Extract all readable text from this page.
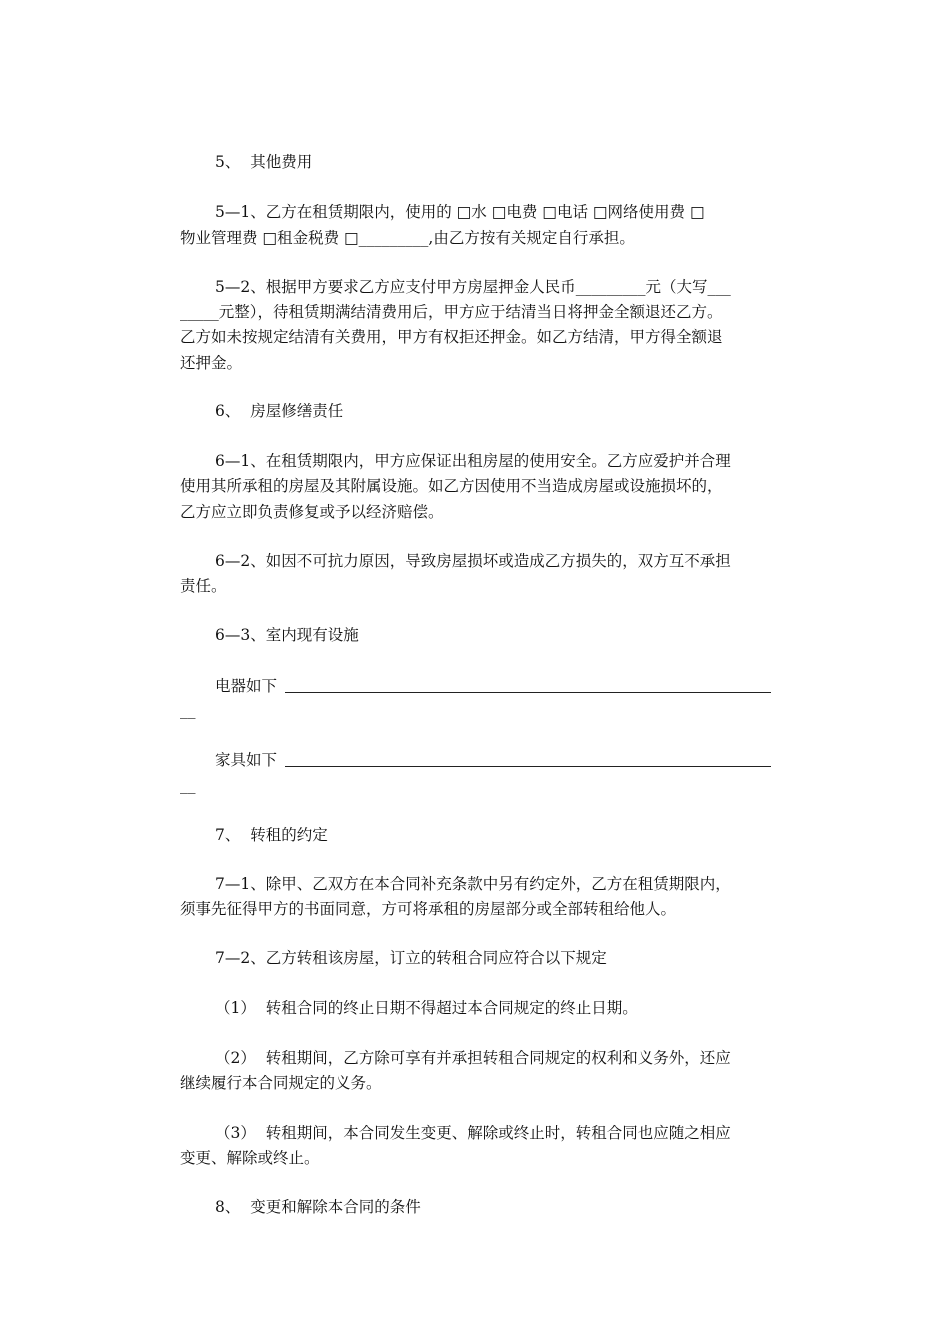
5、  其他费用
5—1、乙方在租赁期限内，使用的 □水 □电费 □电话 □网络使用费 □
物业管理费 □租金税费 □_________,由乙方按有关规定自行承担。
5—2、根据甲方要求乙方应支付甲方房屋押金人民币_________元（大写___
_____元整），待租赁期满结清费用后，甲方应于结清当日将押金全额退还乙方。
乙方如未按规定结清有关费用，甲方有权拒还押金。如乙方结清，甲方得全额退
还押金。
6、  房屋修缮责任
6—1、在租赁期限内，甲方应保证出租房屋的使用安全。乙方应爱护并合理
使用其所承租的房屋及其附属设施。如乙方因使用不当造成房屋或设施损坏的，
乙方应立即负责修复或予以经济赔偿。
6—2、如因不可抗力原因，导致房屋损坏或造成乙方损失的，双方互不承担
责任。
6—3、室内现有设施
电器如下
__
家具如下
__
7、  转租的约定
7—1、除甲、乙双方在本合同补充条款中另有约定外，乙方在租赁期限内，
须事先征得甲方的书面同意，方可将承租的房屋部分或全部转租给他人。
7—2、乙方转租该房屋，订立的转租合同应符合以下规定
（1）  转租合同的终止日期不得超过本合同规定的终止日期。
（2）  转租期间，乙方除可享有并承担转租合同规定的权利和义务外，还应
继续履行本合同规定的义务。
（3）  转租期间，本合同发生变更、解除或终止时，转租合同也应随之相应
变更、解除或终止。
8、  变更和解除本合同的条件
